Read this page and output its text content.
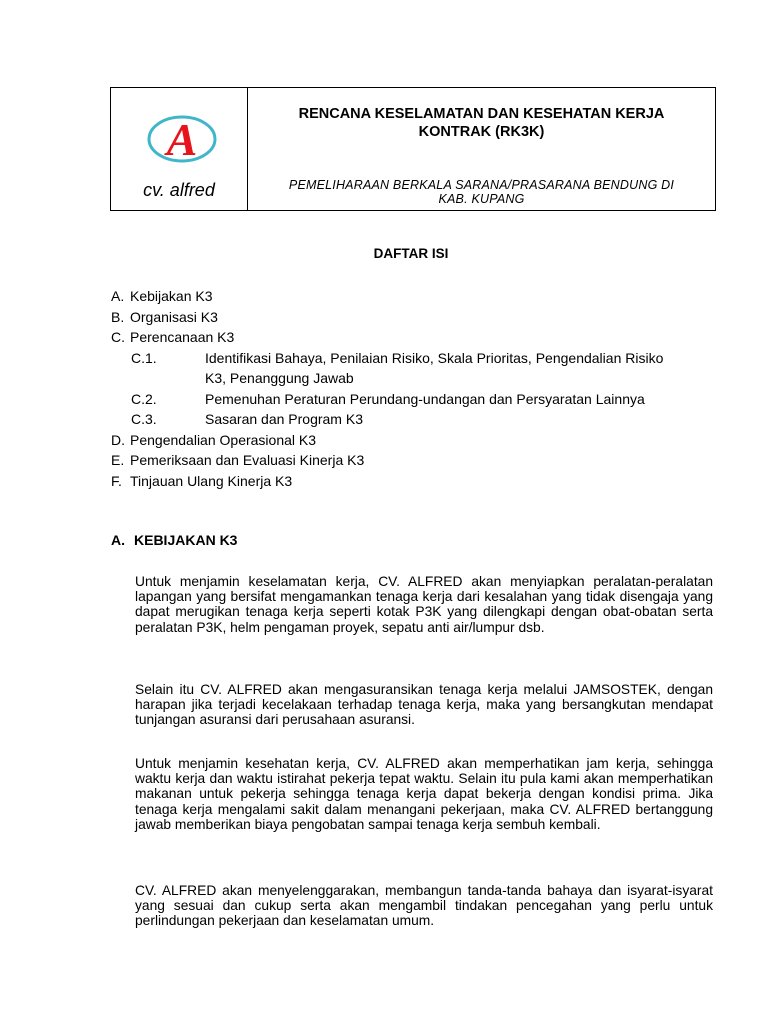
A
cv. alfred
RENCANA KESELAMATAN DAN KESEHATAN KERJA
KONTRAK (RK3K)
PEMELIHARAAN BERKALA SARANA/PRASARANA BENDUNG DI
KAB. KUPANG
DAFTAR ISI
A. Kebijakan K3
B. Organisasi K3
C. Perencanaan K3
C.1.	Identifikasi Bahaya, Penilaian Risiko, Skala Prioritas, Pengendalian Risiko
K3, Penanggung Jawab
C.2.	Pemenuhan Peraturan Perundang-undangan dan Persyaratan Lainnya
C.3.	Sasaran dan Program K3
D. Pengendalian Operasional K3
E. Pemeriksaan dan Evaluasi Kinerja K3
F. Tinjauan Ulang Kinerja K3
A. KEBIJAKAN K3
Untuk menjamin keselamatan kerja, CV. ALFRED akan menyiapkan peralatan-peralatan lapangan yang bersifat mengamankan tenaga kerja dari kesalahan yang tidak disengaja yang dapat merugikan tenaga kerja seperti kotak P3K yang dilengkapi dengan obat-obatan serta peralatan P3K, helm pengaman proyek, sepatu anti air/lumpur dsb.
Selain itu CV. ALFRED akan mengasuransikan tenaga kerja melalui JAMSOSTEK, dengan harapan jika terjadi kecelakaan terhadap tenaga kerja, maka yang bersangkutan mendapat tunjangan asuransi dari perusahaan asuransi.
Untuk menjamin kesehatan kerja, CV. ALFRED akan memperhatikan jam kerja, sehingga waktu kerja dan waktu istirahat pekerja tepat waktu. Selain itu pula kami akan memperhatikan makanan untuk pekerja sehingga tenaga kerja dapat bekerja dengan kondisi prima. Jika tenaga kerja mengalami sakit dalam menangani pekerjaan, maka CV. ALFRED bertanggung jawab memberikan biaya pengobatan sampai tenaga kerja sembuh kembali.
CV. ALFRED akan menyelenggarakan, membangun tanda-tanda bahaya dan isyarat-isyarat yang sesuai dan cukup serta akan mengambil tindakan pencegahan yang perlu untuk perlindungan pekerjaan dan keselamatan umum.
